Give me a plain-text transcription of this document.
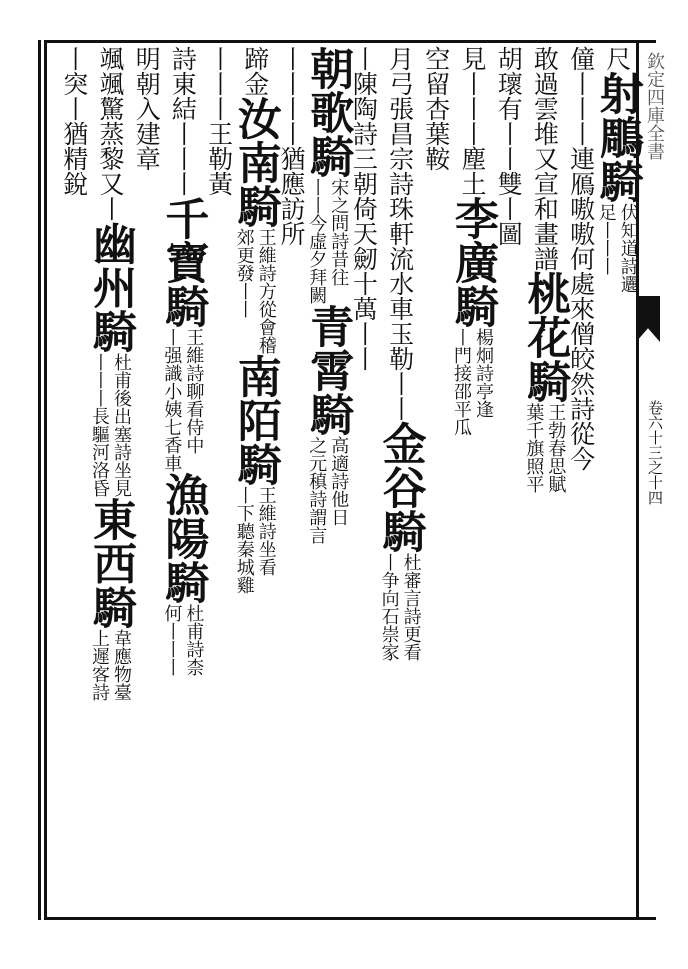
欽定四庫全書
卷六十三之十四
尺
射鵰騎
伏知道詩邐
足丨丨丨
僮丨丨丨連鴈嗷嗷何處來僧皎然詩從今
敢過雲堆又宣和畫譜
桃花騎
王勃春思賦
葉千旗照平
胡瓌有丨丨雙丨圖
見丨丨丨塵土
李廣騎
楊炯詩亭逢
丨門接邵平瓜
空留杏葉鞍
月弓張昌宗詩珠軒流水車玉勒丨丨
金谷騎
杜審言詩更看
丨争向石崇家
丨陳陶詩三朝倚天劒十萬丨丨
朝歌騎
宋之問詩昔往
丨丨今虛夕拜闕
青霄騎
高適詩他日
之元稹詩謂言
丨丨丨丨猶應訪所
蹄金
汝南騎
王維詩方從會稽
郊更發丨丨
南陌騎
王維詩坐看
丨下聽秦城雞
丨丨丨王勒黃
詩東結丨丨丨
千寶騎
王維詩聊看侍中
丨强識小姨七香車
漁陽騎
杜甫詩柰
何丨丨丨
明朝入建章
颯颯驚蒸黎又丨
幽州騎
杜甫後出塞詩坐見
丨丨丨長驅河洛昏
東西騎
韋應物臺
上遲客詩
丨突丨猶精銳
